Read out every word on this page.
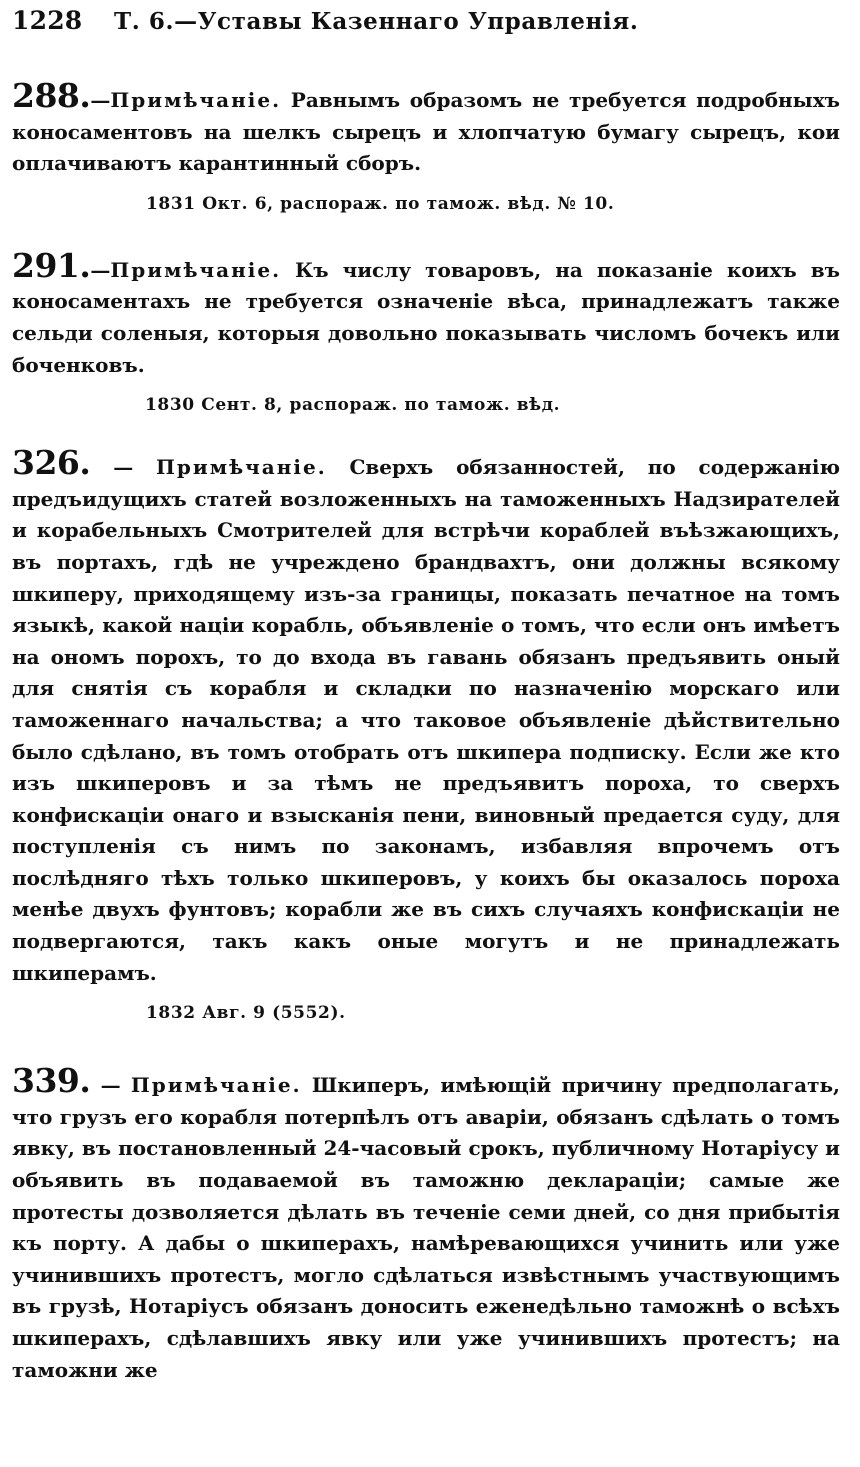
1228	Т. 6.—Уставы Казеннаго Управленія.

288.—Примѣчаніе. Равнымъ образомъ не требуется подробныхъ коносаментовъ на шелкъ сырецъ и хлопчатую бумагу сырецъ, кои оплачиваютъ карантинный сборъ.

1831 Окт. 6, распораж. по тамож. вѣд. № 10.

291.—Примѣчаніе. Къ числу товаровъ, на показаніе коихъ въ коносаментахъ не требуется означеніе вѣса, принадлежатъ также сельди соленыя, которыя довольно показывать числомъ бочекъ или боченковъ.

1830 Сент. 8, распораж. по тамож. вѣд.

326. — Примѣчаніе. Сверхъ обязанностей, по содержанію предъидущихъ статей возложенныхъ на таможенныхъ Надзирателей и корабельныхъ Смотрителей для встрѣчи кораблей въѣзжающихъ, въ портахъ, гдѣ не учреждено брандвахтъ, они должны всякому шкиперу, приходящему изъ-за границы, показать печатное на томъ языкѣ, какой націи корабль, объявленіе о томъ, что если онъ имѣетъ на ономъ порохъ, то до входа въ гавань обязанъ предъявить оный для снятія съ корабля и складки по назначенію морскаго или таможеннаго начальства; а что таковое объявленіе дѣйствительно было сдѣлано, въ томъ отобрать отъ шкипера подписку. Если же кто изъ шкиперовъ и за тѣмъ не предъявитъ пороха, то сверхъ конфискаціи онаго и взысканія пени, виновный предается суду, для поступленія съ нимъ по законамъ, избавляя впрочемъ отъ послѣдняго тѣхъ только шкиперовъ, у коихъ бы оказалось пороха менѣе двухъ фунтовъ; корабли же въ сихъ случаяхъ конфискаціи не подвергаются, такъ какъ оные могутъ и не принадлежать шкиперамъ.

1832 Авг. 9 (5552).

339. — Примѣчаніе. Шкиперъ, имѣющій причину предполагать, что грузъ его корабля потерпѣлъ отъ аваріи, обязанъ сдѣлать о томъ явку, въ постановленный 24-часовый срокъ, публичному Нотаріусу и объявить въ подаваемой въ таможню декларацiи; самые же протесты дозволяется дѣлать въ теченіе семи дней, со дня прибытія къ порту. А дабы о шкиперахъ, намѣревающихся учинить или уже учинившихъ протестъ, могло сдѣлаться извѣстнымъ участвующимъ въ грузѣ, Нотаріусъ обязанъ доносить еженедѣльно таможнѣ о всѣхъ шкиперахъ, сдѣлавшихъ явку или уже учинившихъ протестъ; на таможни же
